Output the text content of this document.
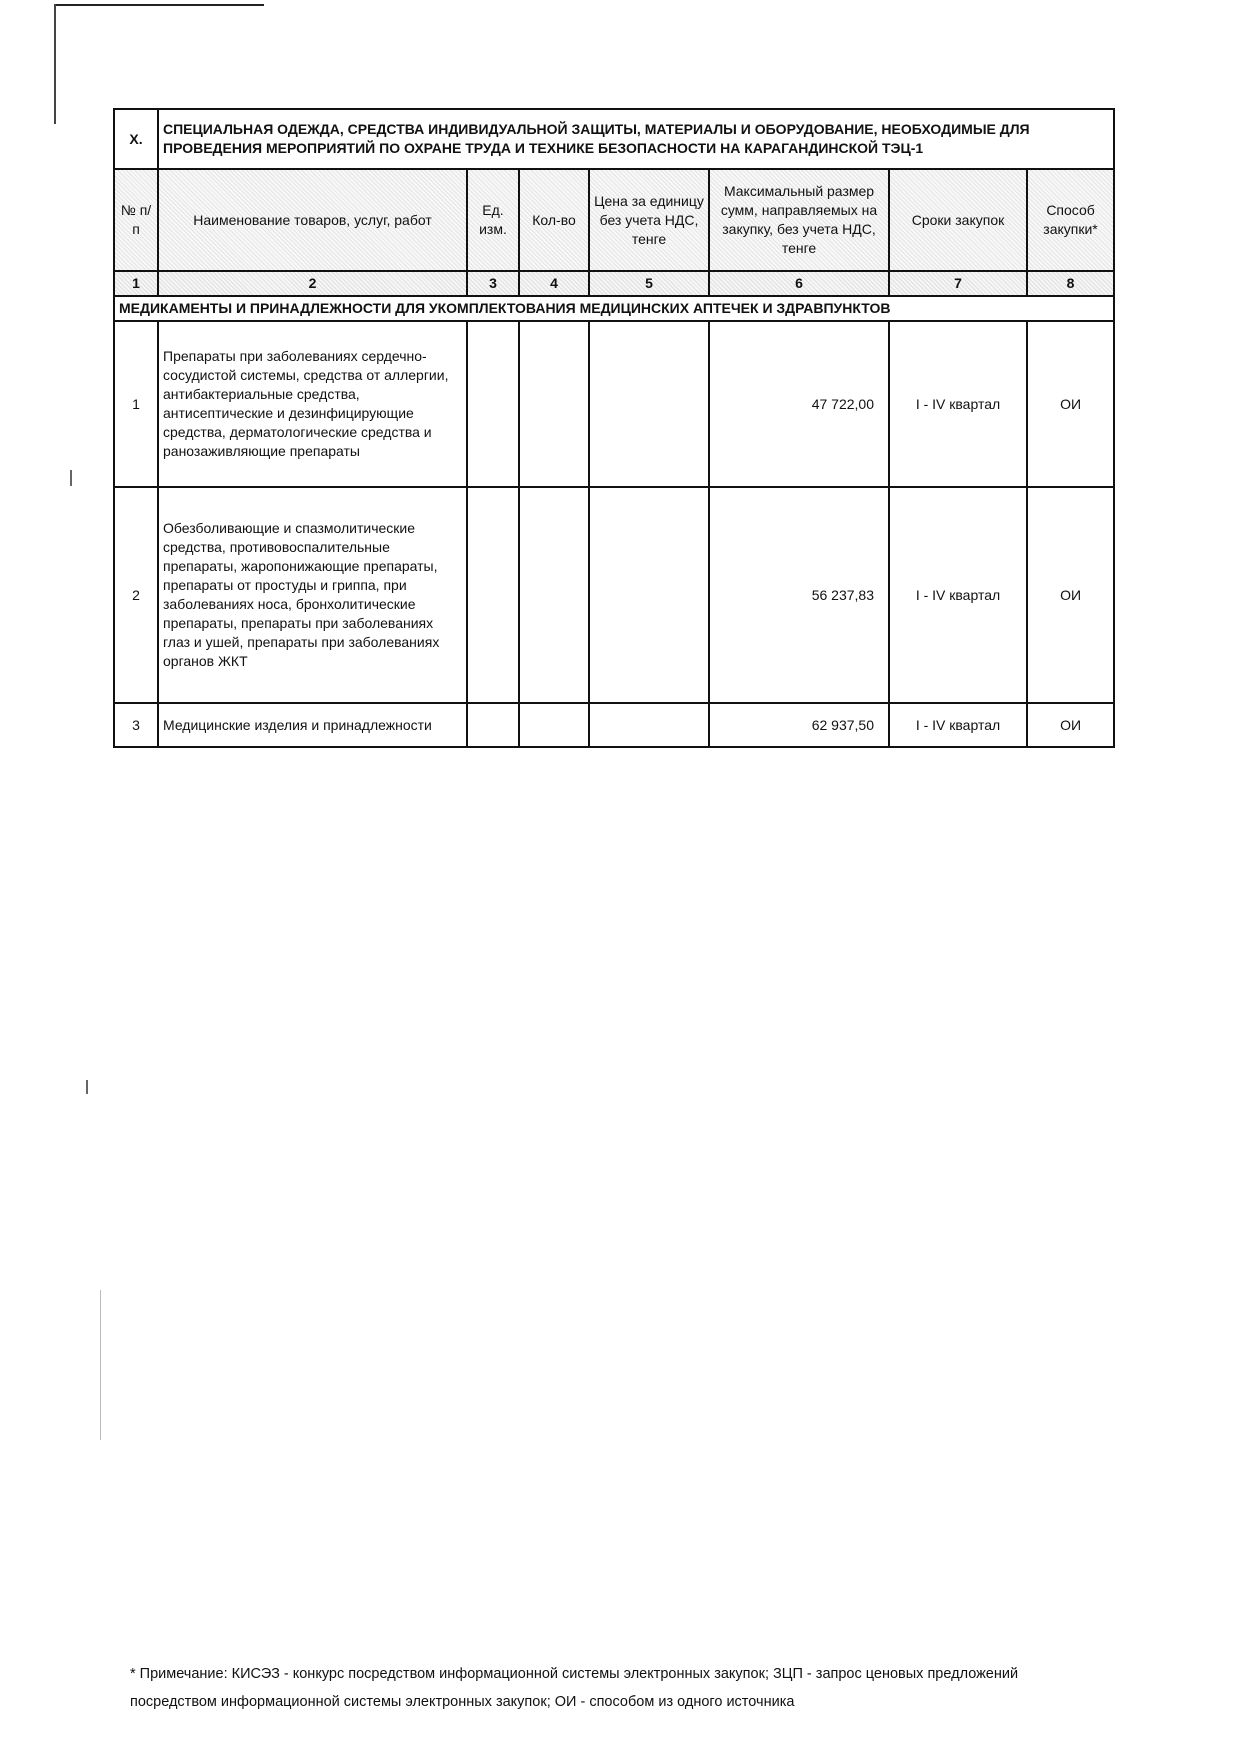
X.	СПЕЦИАЛЬНАЯ ОДЕЖДА, СРЕДСТВА ИНДИВИДУАЛЬНОЙ ЗАЩИТЫ, МАТЕРИАЛЫ И ОБОРУДОВАНИЕ, НЕОБХОДИМЫЕ ДЛЯ ПРОВЕДЕНИЯ МЕРОПРИЯТИЙ ПО ОХРАНЕ ТРУДА И ТЕХНИКЕ БЕЗОПАСНОСТИ НА КАРАГАНДИНСКОЙ ТЭЦ-1						
№ п/п	Наименование товаров, услуг, работ	Ед. изм.	Кол-во	Цена за единицу без учета НДС, тенге	Максимальный размер сумм, направляемых на закупку, без учета НДС, тенге	Сроки закупок	Способ закупки*
1	2	3	4	5	6	7	8
МЕДИКАМЕНТЫ И ПРИНАДЛЕЖНОСТИ ДЛЯ УКОМПЛЕКТОВАНИЯ МЕДИЦИНСКИХ АПТЕЧЕК И ЗДРАВПУНКТОВ							
1	Препараты при заболеваниях сердечно-сосудистой системы, средства от аллергии, антибактериальные средства, антисептические и дезинфицирующие средства, дерматологические средства и ранозаживляющие препараты				47 722,00	I - IV квартал	ОИ
2	Обезболивающие и спазмолитические средства, противовоспалительные препараты, жаропонижающие препараты, препараты от простуды и гриппа, при заболеваниях носа, бронхолитические препараты, препараты при заболеваниях глаз и ушей, препараты при заболеваниях органов ЖКТ				56 237,83	I - IV квартал	ОИ
3	Медицинские изделия и принадлежности				62 937,50	I - IV квартал	ОИ
* Примечание: КИСЭЗ - конкурс посредством информационной системы электронных закупок; ЗЦП - запрос ценовых предложений посредством информационной системы электронных закупок; ОИ - способом из одного источника
